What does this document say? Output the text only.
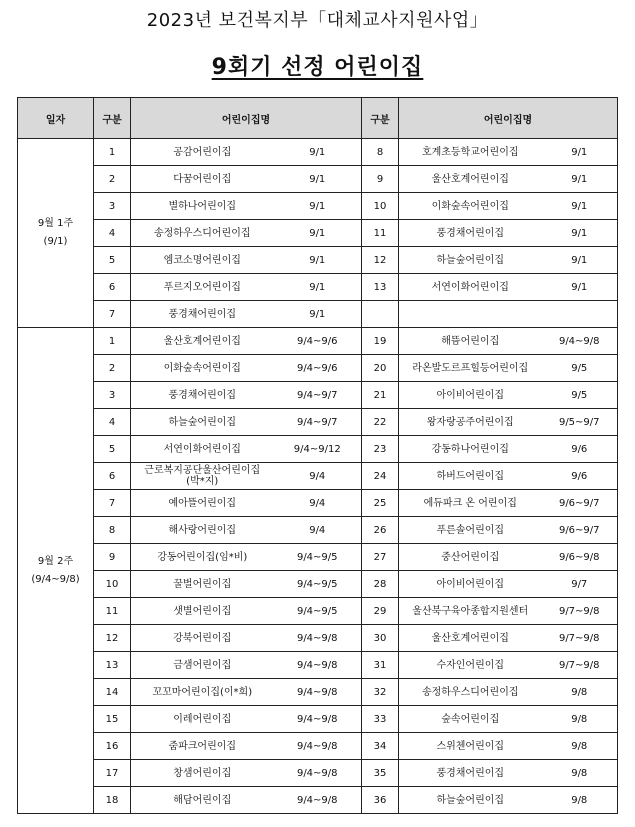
2023년 보건복지부「대체교사지원사업」
9회기 선정 어린이집
일자	구분	어린이집명		구분	어린이집명	

9월 1주
(9/1)	1	공감어린이집	9/1	8	호계초등학교어린이집	9/1
	2	다꿈어린이집	9/1	9	울산호계어린이집	9/1
	3	별하나어린이집	9/1	10	이화숲속어린이집	9/1
	4	송정하우스디어린이집	9/1	11	풍경채어린이집	9/1
	5	엠코소명어린이집	9/1	12	하늘숲어린이집	9/1
	6	푸르지오어린이집	9/1	13	서연이화어린이집	9/1
	7	풍경채어린이집	9/1			

9월 2주
(9/4~9/8)	1	울산호계어린이집	9/4~9/6	19	해뜸어린이집	9/4~9/8
	2	이화숲속어린이집	9/4~9/6	20	라온발도르프힐등어린이집	9/5
	3	풍경채어린이집	9/4~9/7	21	아이비어린이집	9/5
	4	하늘숲어린이집	9/4~9/7	22	왕자랑공주어린이집	9/5~9/7
	5	서연이화어린이집	9/4~9/12	23	강동하나어린이집	9/6
	6	근로복지공단울산어린이집
(박*지)	9/4	24	하버드어린이집	9/6
	7	예아뜰어린이집	9/4	25	에듀파크 온 어린이집	9/6~9/7
	8	해사랑어린이집	9/4	26	푸른솔어린이집	9/6~9/7
	9	강동어린이집(임*비)	9/4~9/5	27	중산어린이집	9/6~9/8
	10	꿀벌어린이집	9/4~9/5	28	아이비어린이집	9/7
	11	샛별어린이집	9/4~9/5	29	울산북구육아종합지원센터	9/7~9/8
	12	강북어린이집	9/4~9/8	30	울산호계어린이집	9/7~9/8
	13	금샘어린이집	9/4~9/8	31	수자인어린이집	9/7~9/8
	14	꼬꼬마어린이집(이*희)	9/4~9/8	32	송정하우스디어린이집	9/8
	15	이레어린이집	9/4~9/8	33	숲속어린이집	9/8
	16	줌파크어린이집	9/4~9/8	34	스위첸어린이집	9/8
	17	창샘어린이집	9/4~9/8	35	풍경채어린이집	9/8
	18	해담어린이집	9/4~9/8	36	하늘숲어린이집	9/8
